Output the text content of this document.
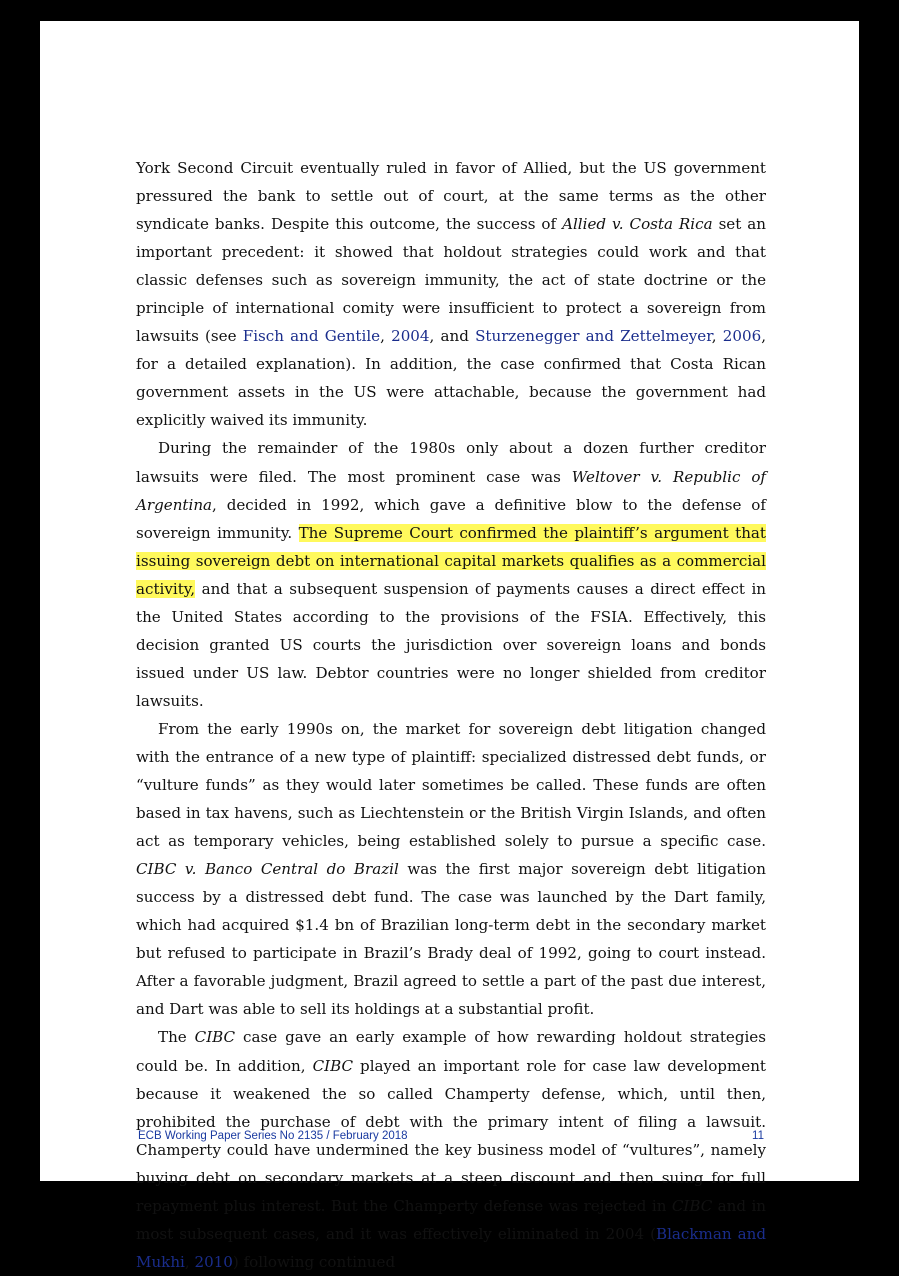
York Second Circuit eventually ruled in favor of Allied, but the US government pressured the bank to settle out of court, at the same terms as the other syndicate banks. Despite this outcome, the success of Allied v. Costa Rica set an important precedent: it showed that holdout strategies could work and that classic defenses such as sovereign immunity, the act of state doctrine or the principle of international comity were insufficient to protect a sovereign from lawsuits (see Fisch and Gentile, 2004, and Sturzenegger and Zettelmeyer, 2006, for a detailed explanation). In addition, the case confirmed that Costa Rican government assets in the US were attachable, because the government had explicitly waived its immunity.

During the remainder of the 1980s only about a dozen further creditor lawsuits were filed. The most prominent case was Weltover v. Republic of Argentina, decided in 1992, which gave a definitive blow to the defense of sovereign immunity. The Supreme Court confirmed the plaintiff’s argument that issuing sovereign debt on international capital markets qualifies as a commercial activity, and that a subsequent suspension of payments causes a direct effect in the United States according to the provisions of the FSIA. Effectively, this decision granted US courts the jurisdiction over sovereign loans and bonds issued under US law. Debtor countries were no longer shielded from creditor lawsuits.

From the early 1990s on, the market for sovereign debt litigation changed with the entrance of a new type of plaintiff: specialized distressed debt funds, or “vulture funds” as they would later sometimes be called. These funds are often based in tax havens, such as Liechtenstein or the British Virgin Islands, and often act as temporary vehicles, being established solely to pursue a specific case. CIBC v. Banco Central do Brazil was the first major sovereign debt litigation success by a distressed debt fund. The case was launched by the Dart family, which had acquired $1.4 bn of Brazilian long-term debt in the secondary market but refused to participate in Brazil’s Brady deal of 1992, going to court instead. After a favorable judgment, Brazil agreed to settle a part of the past due interest, and Dart was able to sell its holdings at a substantial profit.

The CIBC case gave an early example of how rewarding holdout strategies could be. In addition, CIBC played an important role for case law development because it weakened the so called Champerty defense, which, until then, prohibited the purchase of debt with the primary intent of filing a lawsuit. Champerty could have undermined the key business model of “vultures”, namely buying debt on secondary markets at a steep discount and then suing for full repayment plus interest. But the Champerty defense was rejected in CIBC and in most subsequent cases, and it was effectively eliminated in 2004 (Blackman and Mukhi, 2010) following continued

ECB Working Paper Series No 2135 / February 2018	11
